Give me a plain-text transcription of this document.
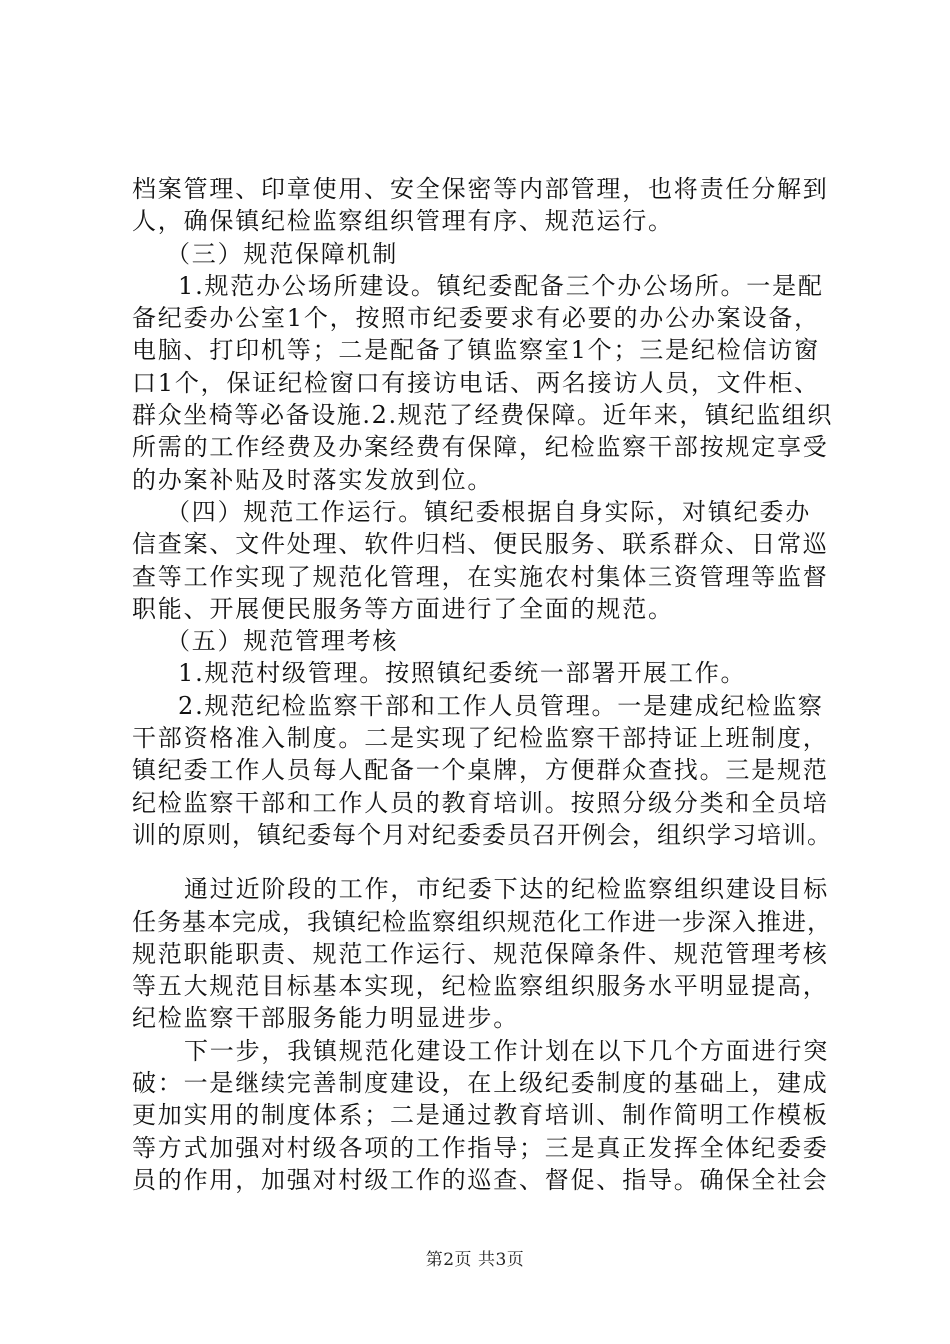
档案管理、印章使用、安全保密等内部管理，也将责任分解到
人，确保镇纪检监察组织管理有序、规范运行。

（三）规范保障机制

1.规范办公场所建设。镇纪委配备三个办公场所。一是配
备纪委办公室1个，按照市纪委要求有必要的办公办案设备，
电脑、打印机等；二是配备了镇监察室1个；三是纪检信访窗
口1个，保证纪检窗口有接访电话、两名接访人员，文件柜、
群众坐椅等必备设施.2.规范了经费保障。近年来，镇纪监组织
所需的工作经费及办案经费有保障，纪检监察干部按规定享受
的办案补贴及时落实发放到位。

（四）规范工作运行。镇纪委根据自身实际，对镇纪委办
信查案、文件处理、软件归档、便民服务、联系群众、日常巡
查等工作实现了规范化管理，在实施农村集体三资管理等监督
职能、开展便民服务等方面进行了全面的规范。

（五）规范管理考核

1.规范村级管理。按照镇纪委统一部署开展工作。

2.规范纪检监察干部和工作人员管理。一是建成纪检监察
干部资格准入制度。二是实现了纪检监察干部持证上班制度，
镇纪委工作人员每人配备一个桌牌，方便群众查找。三是规范
纪检监察干部和工作人员的教育培训。按照分级分类和全员培
训的原则，镇纪委每个月对纪委委员召开例会，组织学习培训。

通过近阶段的工作，市纪委下达的纪检监察组织建设目标
任务基本完成，我镇纪检监察组织规范化工作进一步深入推进，
规范职能职责、规范工作运行、规范保障条件、规范管理考核
等五大规范目标基本实现，纪检监察组织服务水平明显提高，
纪检监察干部服务能力明显进步。

下一步，我镇规范化建设工作计划在以下几个方面进行突
破：一是继续完善制度建设，在上级纪委制度的基础上，建成
更加实用的制度体系；二是通过教育培训、制作简明工作模板
等方式加强对村级各项的工作指导；三是真正发挥全体纪委委
员的作用，加强对村级工作的巡查、督促、指导。确保全社会

第2页 共3页
